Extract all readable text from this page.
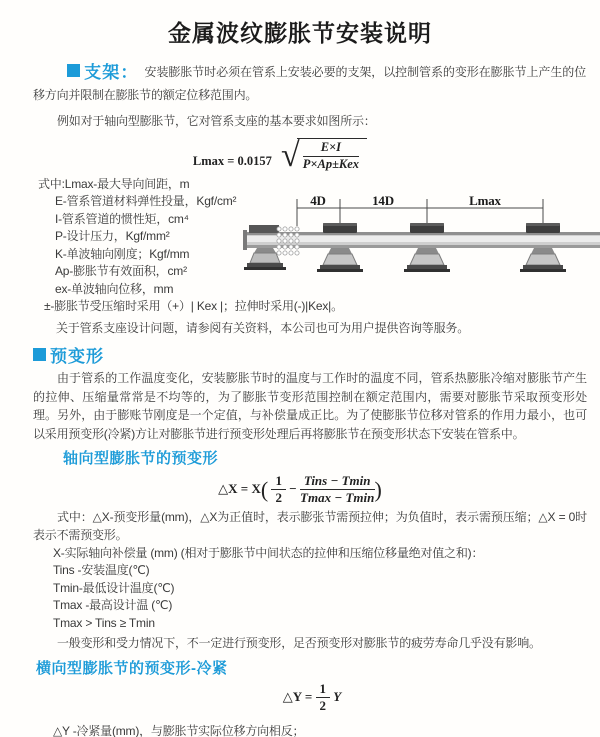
金属波纹膨胀节安装说明

支架： 安装膨胀节时必须在管系上安装必要的支架，以控制管系的变形在膨胀节上产生的位移方向并限制在膨胀节的额定位移范围内。

例如对于轴向型膨胀节，它对管系支座的基本要求如图所示：

Lmax = 0.0157 √ $\frac{E\times I}{\text{P×Ap±Kex}}$
式中:Lmax-最大导向间距，m
E-管系管道材料弹性投量，Kgf/cm²
I-管系管道的惯性矩，cm⁴
P-设计压力，Kgf/mm²
K-单波轴向刚度；Kgf/mm
Ap-膨胀节有效面积，cm²
ex-单波轴向位移，mm
±-膨胀节受压缩时采用（+）| Kex |；拉伸时采用(-)|Kex|。
关于管系支座设计问题，请参阅有关资料，本公司也可为用户提供咨询等服务。
4D	14D	Lmax
预变形

由于管系的工作温度变化，安装膨胀节时的温度与工作时的温度不同，管系热膨胀冷缩对膨胀节产生的拉伸、压缩量常常是不均等的，为了膨胀节变形范围控制在额定范围内，需要对膨胀节采取预变形处理。另外，由于膨账节刚度是一个定值，与补偿量成正比。为了使膨胀节位移对管系的作用力最小，也可以采用预变形(冷紧)方让对膨胀节进行预变形处理后再将膨胀节在预变形状态下安装在管系中。

轴向型膨胀节的预变形
△X = $X( \frac{1}{2} - \frac{\text{Tins − Tmin}}{Tmax - Tmin}$ )

式中：△X-预变形量(mm)，△X为正值时，表示膨张节需预拉伸；为负值时，表示需预压缩；△X = 0时表示不需预变形。

X-实际轴向补偿量 (mm) (相对于膨胀节中间状态的拉伸和压缩位移量绝对值之和)：
Tins -安装温度(℃)
Tmin-最低设计温度(℃)
Tmax -最高设计温 (℃)
Tmax > Tins ≥ Tmin

一般变形和受力情况下，不一定进行预变形，足否预变形对膨胀节的疲劳寿命几乎没有影响。

横向型膨胀节的预变形-冷紧
△Y = $\frac{1}{2}$ Y
△Y -冷紧量(mm)，与膨胀节实际位移方向相反；
